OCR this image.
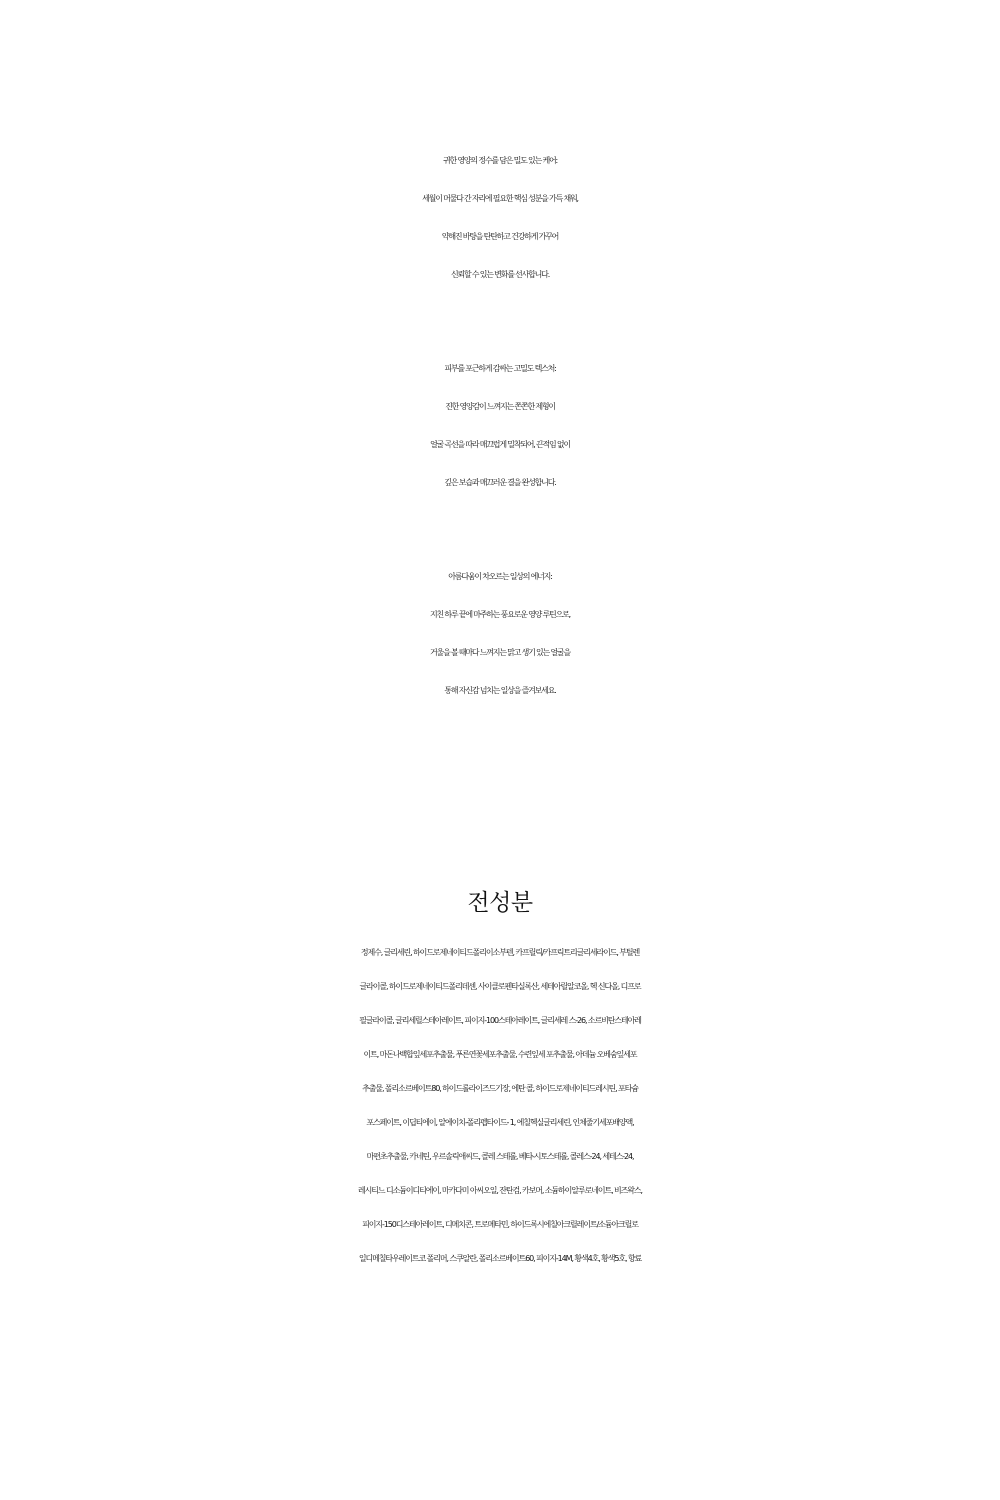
귀한 영양의 정수를 담은 밀도 있는 케어:
세월이 머물다 간 자리에 필요한 핵심 성분을 가득 채워,
약해진 바탕을 탄탄하고 건강하게 가꾸어
신뢰할 수 있는 변화를 선사합니다.

피부를 포근하게 감싸는 고밀도 텍스처:
진한 영양감이 느껴지는 쫀쫀한 제형이
얼굴 곡선을 따라 매끄럽게 밀착되어, 끈적임 없이
깊은 보습과 매끄러운 결을 완성합니다.

아름다움이 차오르는 일상의 에너지:
지친 하루 끝에 마주하는 풍요로운 영양 루틴으로,
거울을 볼 때마다 느껴지는 맑고 생기 있는 얼굴을
통해 자신감 넘치는 일상을 즐겨보세요.

전성분
정제수, 글리세린, 하이드로제네이티드폴리이소부텐, 카프릴릭/카프릭트리글리세라이드, 부틸렌
글라이콜, 하이드로제네이티드폴리데센, 사이클로펜타실록산, 세테아릴알코올, 헥 신다올, 디프로
필글라이콜, 글리세릴스테아레이트, 피이지-100스테아레이트, 글리세레 스-26, 소르비탄스테아레
이트, 마돈나백합잎세포추출물, 푸른연꽃세포추출물, 수련잎세 포추출물, 아데늄 오베숨잎세포
추출물, 폴리소르베이트80, 하이드롤라이즈드기장, 에탄 콜, 하이드로제네이티드레시틴, 포타슘
포스페이트, 이딥티에이, 알에이치-폴리펩타이드- 1, 에칠헥실글리세린, 인체줄기세포배양액,
마편초추출물, 카네틴, 우르솔릭애씨드, 콜레 스테롤, 베타-시토스테롤, 콜레스-24, 세테스-24,
레시티느 디소듐이디티에이, 마카다미 아씨오일, 잔탄검, 카보머, 소듐하이알루로네이트, 비즈왁스,
피이지-150디스테아레이트, 디메치콘, 트로메타민, 하이드록시에칠아크릴레이트/소듐아크릴로
일디메칠타우레이트코 폴리머, 스쿠알란, 폴리소르베이트60, 피이지-14M, 황색4호, 황색5호, 향료
